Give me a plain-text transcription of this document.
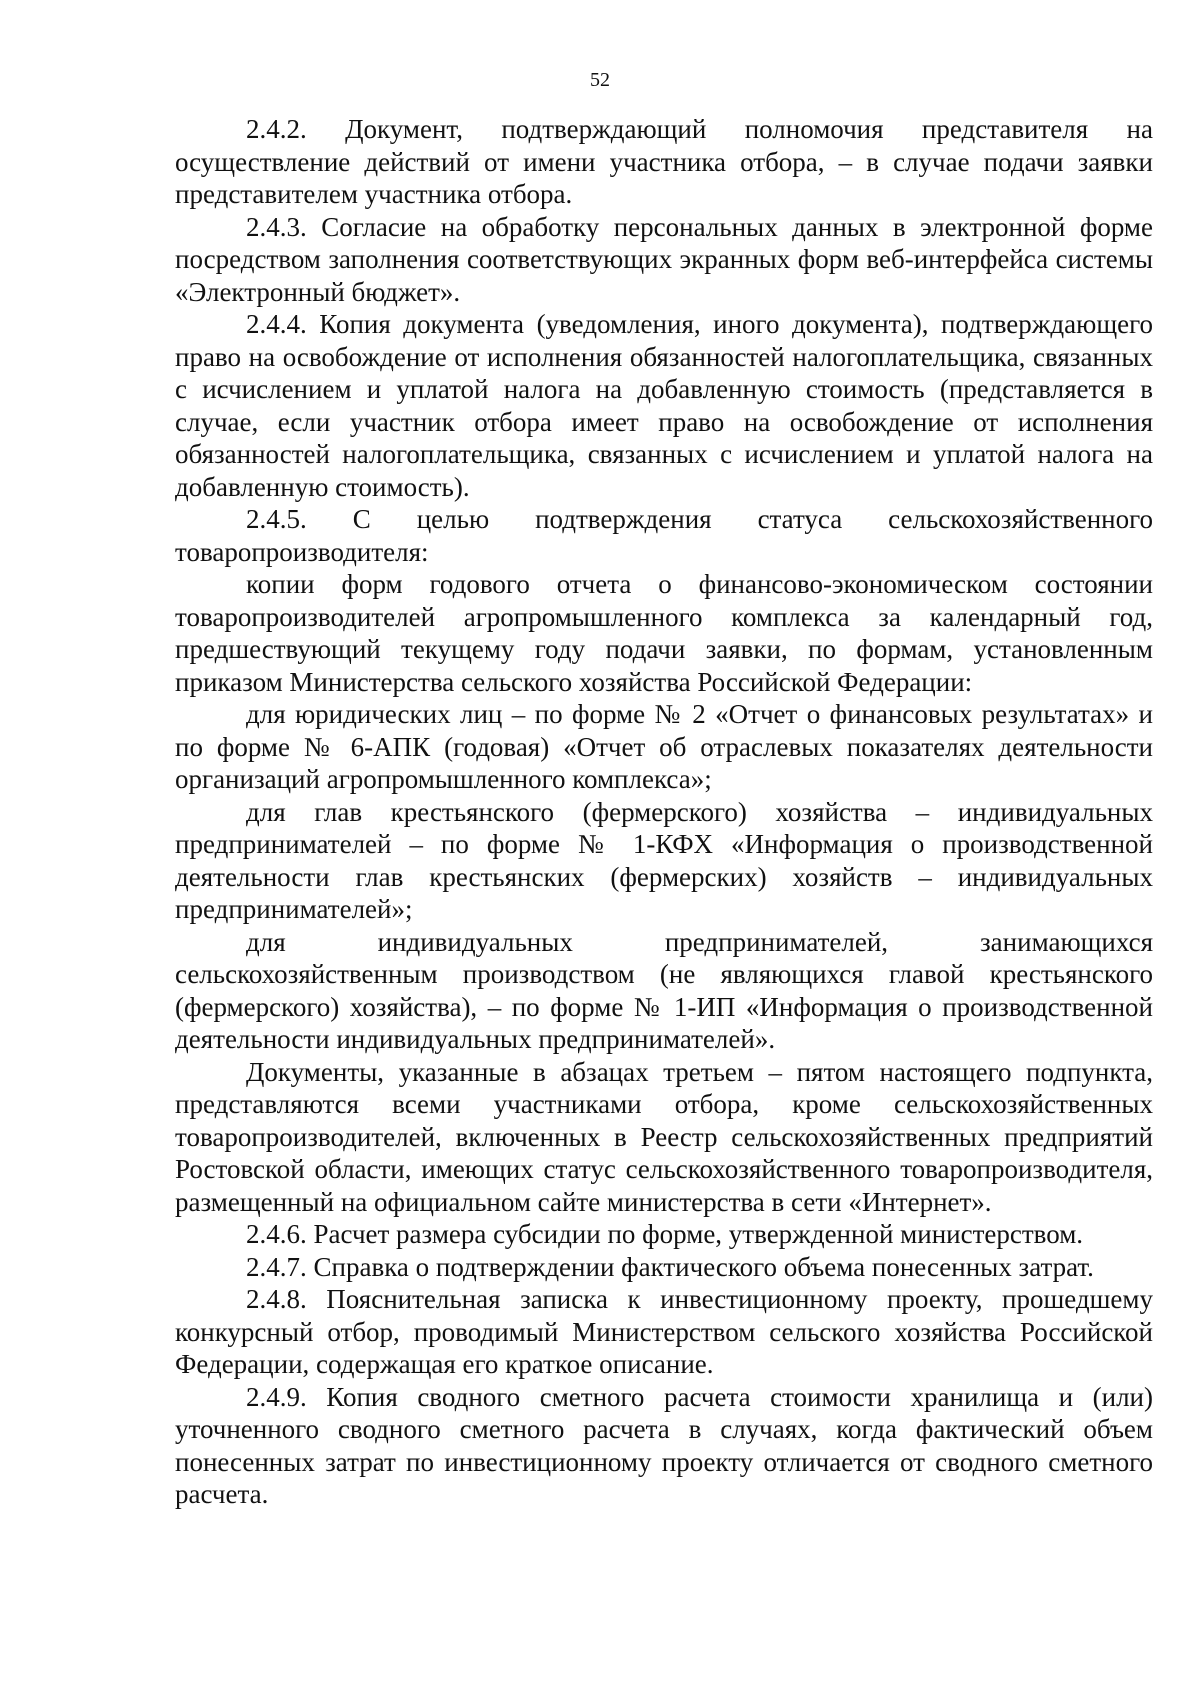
52

2.4.2. Документ, подтверждающий полномочия представителя на осуществление действий от имени участника отбора, – в случае подачи заявки представителем участника отбора.

2.4.3. Согласие на обработку персональных данных в электронной форме посредством заполнения соответствующих экранных форм веб-интерфейса системы «Электронный бюджет».

2.4.4. Копия документа (уведомления, иного документа), подтверждающего право на освобождение от исполнения обязанностей налогоплательщика, связанных с исчислением и уплатой налога на добавленную стоимость (представляется в случае, если участник отбора имеет право на освобождение от исполнения обязанностей налогоплательщика, связанных с исчислением и уплатой налога на добавленную стоимость).

2.4.5. С целью подтверждения статуса сельскохозяйственного товаропроизводителя:

копии форм годового отчета о финансово-экономическом состоянии товаропроизводителей агропромышленного комплекса за календарный год, предшествующий текущему году подачи заявки, по формам, установленным приказом Министерства сельского хозяйства Российской Федерации:

для юридических лиц – по форме № 2 «Отчет о финансовых результатах» и по форме № 6-АПК (годовая) «Отчет об отраслевых показателях деятельности организаций агропромышленного комплекса»;

для глав крестьянского (фермерского) хозяйства – индивидуальных предпринимателей – по форме № 1-КФХ «Информация о производственной деятельности глав крестьянских (фермерских) хозяйств – индивидуальных предпринимателей»;

для индивидуальных предпринимателей, занимающихся сельскохозяйственным производством (не являющихся главой крестьянского (фермерского) хозяйства), – по форме № 1-ИП «Информация о производственной деятельности индивидуальных предпринимателей».

Документы, указанные в абзацах третьем – пятом настоящего подпункта, представляются всеми участниками отбора, кроме сельскохозяйственных товаропроизводителей, включенных в Реестр сельскохозяйственных предприятий Ростовской области, имеющих статус сельскохозяйственного товаропроизводителя, размещенный на официальном сайте министерства в сети «Интернет».

2.4.6. Расчет размера субсидии по форме, утвержденной министерством.

2.4.7. Справка о подтверждении фактического объема понесенных затрат.

2.4.8. Пояснительная записка к инвестиционному проекту, прошедшему конкурсный отбор, проводимый Министерством сельского хозяйства Российской Федерации, содержащая его краткое описание.

2.4.9. Копия сводного сметного расчета стоимости хранилища и (или) уточненного сводного сметного расчета в случаях, когда фактический объем понесенных затрат по инвестиционному проекту отличается от сводного сметного расчета.
